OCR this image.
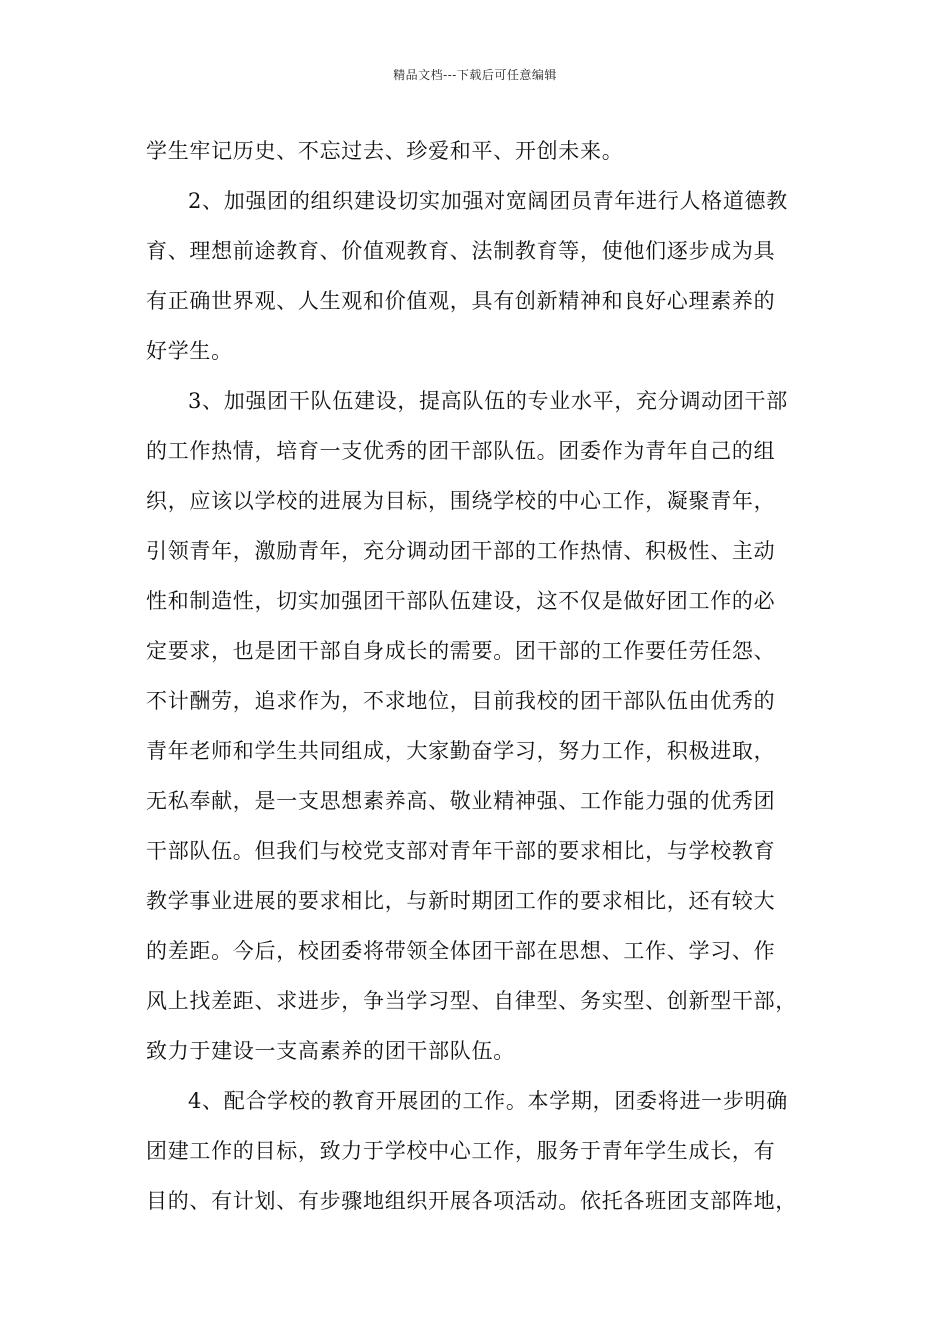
精品文档---下载后可任意编辑
学生牢记历史、不忘过去、珍爱和平、开创未来。
2、加强团的组织建设切实加强对宽阔团员青年进行人格道德教
育、理想前途教育、价值观教育、法制教育等，使他们逐步成为具
有正确世界观、人生观和价值观，具有创新精神和良好心理素养的
好学生。
3、加强团干队伍建设，提高队伍的专业水平，充分调动团干部
的工作热情，培育一支优秀的团干部队伍。团委作为青年自己的组
织，应该以学校的进展为目标，围绕学校的中心工作，凝聚青年，
引领青年，激励青年，充分调动团干部的工作热情、积极性、主动
性和制造性，切实加强团干部队伍建设，这不仅是做好团工作的必
定要求，也是团干部自身成长的需要。团干部的工作要任劳任怨、
不计酬劳，追求作为，不求地位，目前我校的团干部队伍由优秀的
青年老师和学生共同组成，大家勤奋学习，努力工作，积极进取，
无私奉献，是一支思想素养高、敬业精神强、工作能力强的优秀团
干部队伍。但我们与校党支部对青年干部的要求相比，与学校教育
教学事业进展的要求相比，与新时期团工作的要求相比，还有较大
的差距。今后，校团委将带领全体团干部在思想、工作、学习、作
风上找差距、求进步，争当学习型、自律型、务实型、创新型干部，
致力于建设一支高素养的团干部队伍。
4、配合学校的教育开展团的工作。本学期，团委将进一步明确
团建工作的目标，致力于学校中心工作，服务于青年学生成长，有
目的、有计划、有步骤地组织开展各项活动。依托各班团支部阵地，
